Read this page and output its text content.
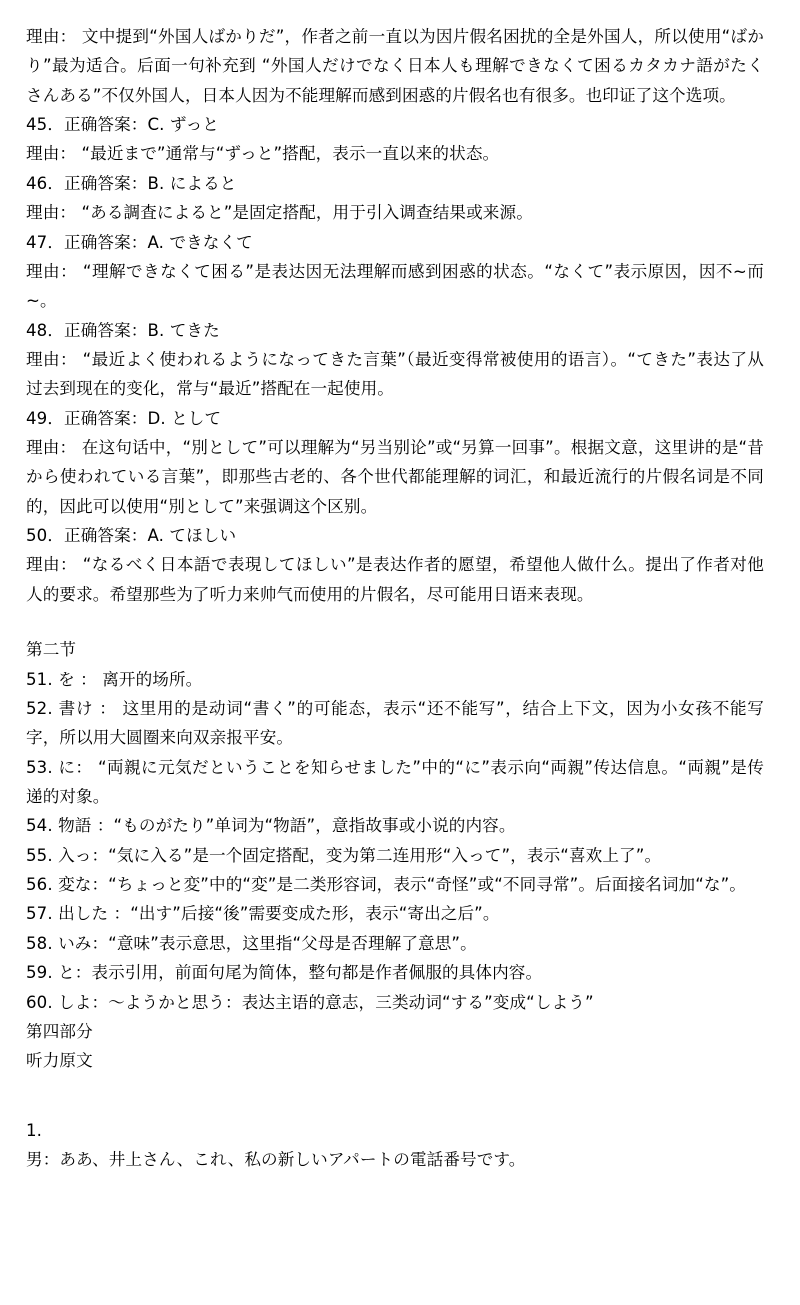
理由： 文中提到“外国人ばかりだ”，作者之前一直以为因片假名困扰的全是外国人，所以使用“ばかり”最为适合。后面一句补充到 “外国人だけでなく日本人も理解できなくて困るカタカナ語がたくさんある”不仅外国人，日本人因为不能理解而感到困惑的片假名也有很多。也印证了这个选项。

45．正确答案：C. ずっと

理由： “最近まで”通常与“ずっと”搭配，表示一直以来的状态。

46．正确答案：B. によると

理由： “ある調査によると”是固定搭配，用于引入调查结果或来源。

47．正确答案：A. できなくて

理由： “理解できなくて困る”是表达因无法理解而感到困惑的状态。“なくて”表示原因，因不~而~。

48．正确答案：B. てきた

理由： “最近よく使われるようになってきた言葉”（最近变得常被使用的语言）。“てきた”表达了从过去到现在的变化，常与“最近”搭配在一起使用。

49．正确答案：D. として

理由： 在这句话中，“別として”可以理解为“另当别论”或“另算一回事”。根据文意，这里讲的是“昔から使われている言葉”，即那些古老的、各个世代都能理解的词汇，和最近流行的片假名词是不同的，因此可以使用“別として”来强调这个区别。

50．正确答案：A. てほしい

理由： “なるべく日本語で表現してほしい”是表达作者的愿望，希望他人做什么。提出了作者对他人的要求。希望那些为了听力来帅气而使用的片假名，尽可能用日语来表现。

第二节

51. を ： 离开的场所。

52. 書け ： 这里用的是动词“書く”的可能态，表示“还不能写”，结合上下文，因为小女孩不能写字，所以用大圆圈来向双亲报平安。

53. に： “両親に元気だということを知らせました”中的“に”表示向“両親”传达信息。“両親”是传递的对象。

54. 物語 ：“ものがたり”单词为“物語”，意指故事或小说的内容。

55. 入っ：“気に入る”是一个固定搭配，变为第二连用形“入って”，表示“喜欢上了”。

56. 変な：“ちょっと変”中的“変”是二类形容词，表示“奇怪”或“不同寻常”。后面接名词加“な”。

57. 出した ：“出す”后接“後”需要变成た形，表示“寄出之后”。

58. いみ：“意味”表示意思，这里指“父母是否理解了意思”。

59. と：表示引用，前面句尾为简体，整句都是作者佩服的具体内容。

60. しよ：～ようかと思う：表达主语的意志，三类动词“する”变成“しよう”

第四部分

听力原文

1.

男：ああ、井上さん、これ、私の新しいアパートの電話番号です。
